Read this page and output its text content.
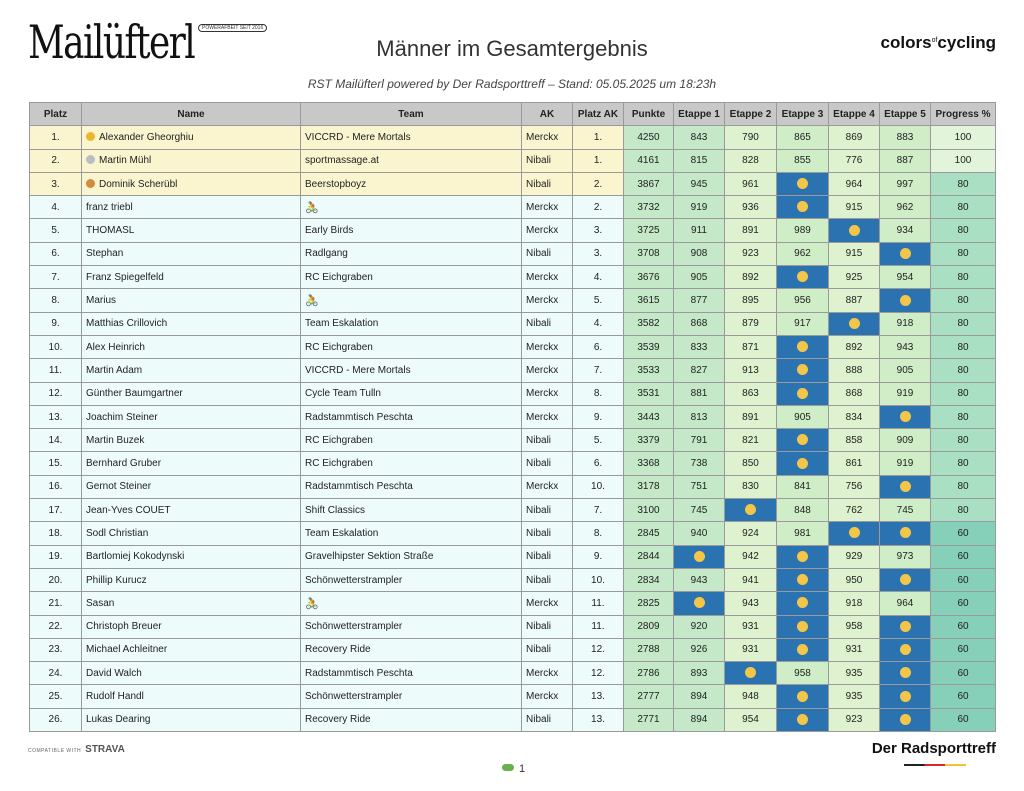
Mailüfterl	POWERAFBEIT SEIT 2016
Männer im Gesamtergebnis
RST Mailüfterl powered by Der Radsporttreff – Stand: 05.05.2025 um 18:23h
colors$^{of}$cycling
Platz	Name	Team	AK	Platz AK	Punkte	Etappe 1	Etappe 2	Etappe 3	Etappe 4	Etappe 5	Progress %
1.	Alexander Gheorghiu	VICCRD - Mere Mortals	Merckx	1.	4250	843	790	865	869	883	100
2.	Martin Mühl	sportmassage.at	Nibali	1.	4161	815	828	855	776	887	100
3.	Dominik Scherübl	Beerstopboyz	Nibali	2.	3867	945	961		964	997	80
4.	franz triebl	🚴	Merckx	2.	3732	919	936		915	962	80
5.	THOMASL	Early Birds	Merckx	3.	3725	911	891	989		934	80
6.	Stephan	Radlgang	Nibali	3.	3708	908	923	962	915		80
7.	Franz Spiegelfeld	RC Eichgraben	Merckx	4.	3676	905	892		925	954	80
8.	Marius	🚴	Merckx	5.	3615	877	895	956	887		80
9.	Matthias Crillovich	Team Eskalation	Nibali	4.	3582	868	879	917		918	80
10.	Alex Heinrich	RC Eichgraben	Merckx	6.	3539	833	871		892	943	80
11.	Martin Adam	VICCRD - Mere Mortals	Merckx	7.	3533	827	913		888	905	80
12.	Günther Baumgartner	Cycle Team Tulln	Merckx	8.	3531	881	863		868	919	80
13.	Joachim Steiner	Radstammtisch Peschta	Merckx	9.	3443	813	891	905	834		80
14.	Martin Buzek	RC Eichgraben	Nibali	5.	3379	791	821		858	909	80
15.	Bernhard Gruber	RC Eichgraben	Nibali	6.	3368	738	850		861	919	80
16.	Gernot Steiner	Radstammtisch Peschta	Merckx	10.	3178	751	830	841	756		80
17.	Jean-Yves COUET	Shift Classics	Nibali	7.	3100	745		848	762	745	80
18.	Sodl Christian	Team Eskalation	Nibali	8.	2845	940	924	981			60
19.	Bartlomiej Kokodynski	Gravelhipster Sektion Straße	Nibali	9.	2844		942		929	973	60
20.	Phillip Kurucz	Schönwetterstrampler	Nibali	10.	2834	943	941		950		60
21.	Sasan	🚴	Merckx	11.	2825		943		918	964	60
22.	Christoph Breuer	Schönwetterstrampler	Nibali	11.	2809	920	931		958		60
23.	Michael Achleitner	Recovery Ride	Nibali	12.	2788	926	931		931		60
24.	David Walch	Radstammtisch Peschta	Merckx	12.	2786	893		958	935		60
25.	Rudolf Handl	Schönwetterstrampler	Merckx	13.	2777	894	948		935		60
26.	Lukas Dearing	Recovery Ride	Nibali	13.	2771	894	954		923		60
COMPATIBLE WITH STRAVA
1
Der Radsporttreff
